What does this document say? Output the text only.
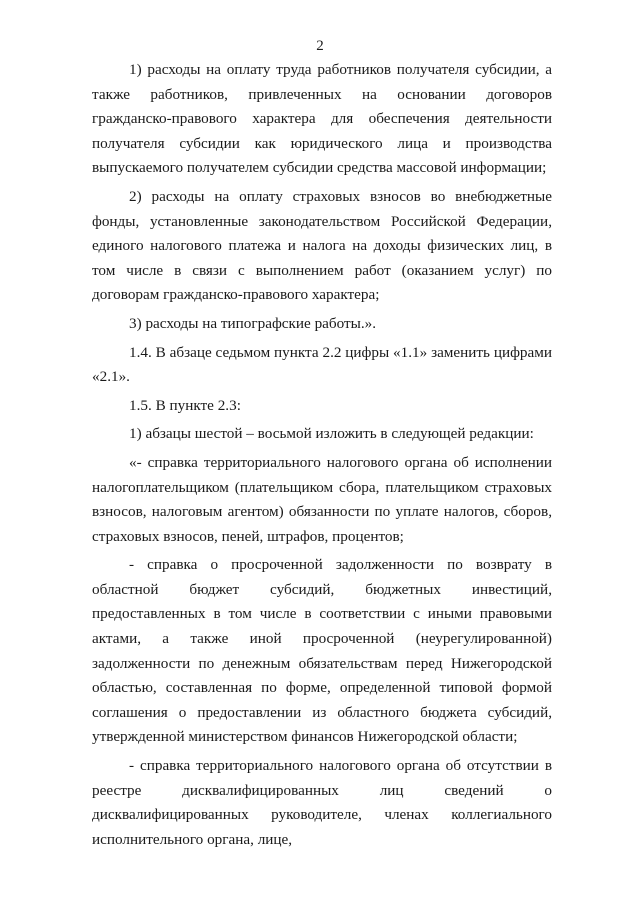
2

1) расходы на оплату труда работников получателя субсидии, а также работников, привлеченных на основании договоров гражданско-правового характера для обеспечения деятельности получателя субсидии как юридического лица и производства выпускаемого получателем субсидии средства массовой информации;

2) расходы на оплату страховых взносов во внебюджетные фонды, установленные законодательством Российской Федерации, единого налогового платежа и налога на доходы физических лиц, в том числе в связи с выполнением работ (оказанием услуг) по договорам гражданско-правового характера;

3) расходы на типографские работы.».

1.4. В абзаце седьмом пункта 2.2 цифры «1.1» заменить цифрами «2.1».

1.5. В пункте 2.3:

1) абзацы шестой – восьмой изложить в следующей редакции:

«- справка территориального налогового органа об исполнении налогоплательщиком (плательщиком сбора, плательщиком страховых взносов, налоговым агентом) обязанности по уплате налогов, сборов, страховых взносов, пеней, штрафов, процентов;

- справка о просроченной задолженности по возврату в областной бюджет субсидий, бюджетных инвестиций, предоставленных в том числе в соответствии с иными правовыми актами, а также иной просроченной (неурегулированной) задолженности по денежным обязательствам перед Нижегородской областью, составленная по форме, определенной типовой формой соглашения о предоставлении из областного бюджета субсидий, утвержденной министерством финансов Нижегородской области;

- справка территориального налогового органа об отсутствии в реестре дисквалифицированных лиц сведений о дисквалифицированных руководителе, членах коллегиального исполнительного органа, лице,
